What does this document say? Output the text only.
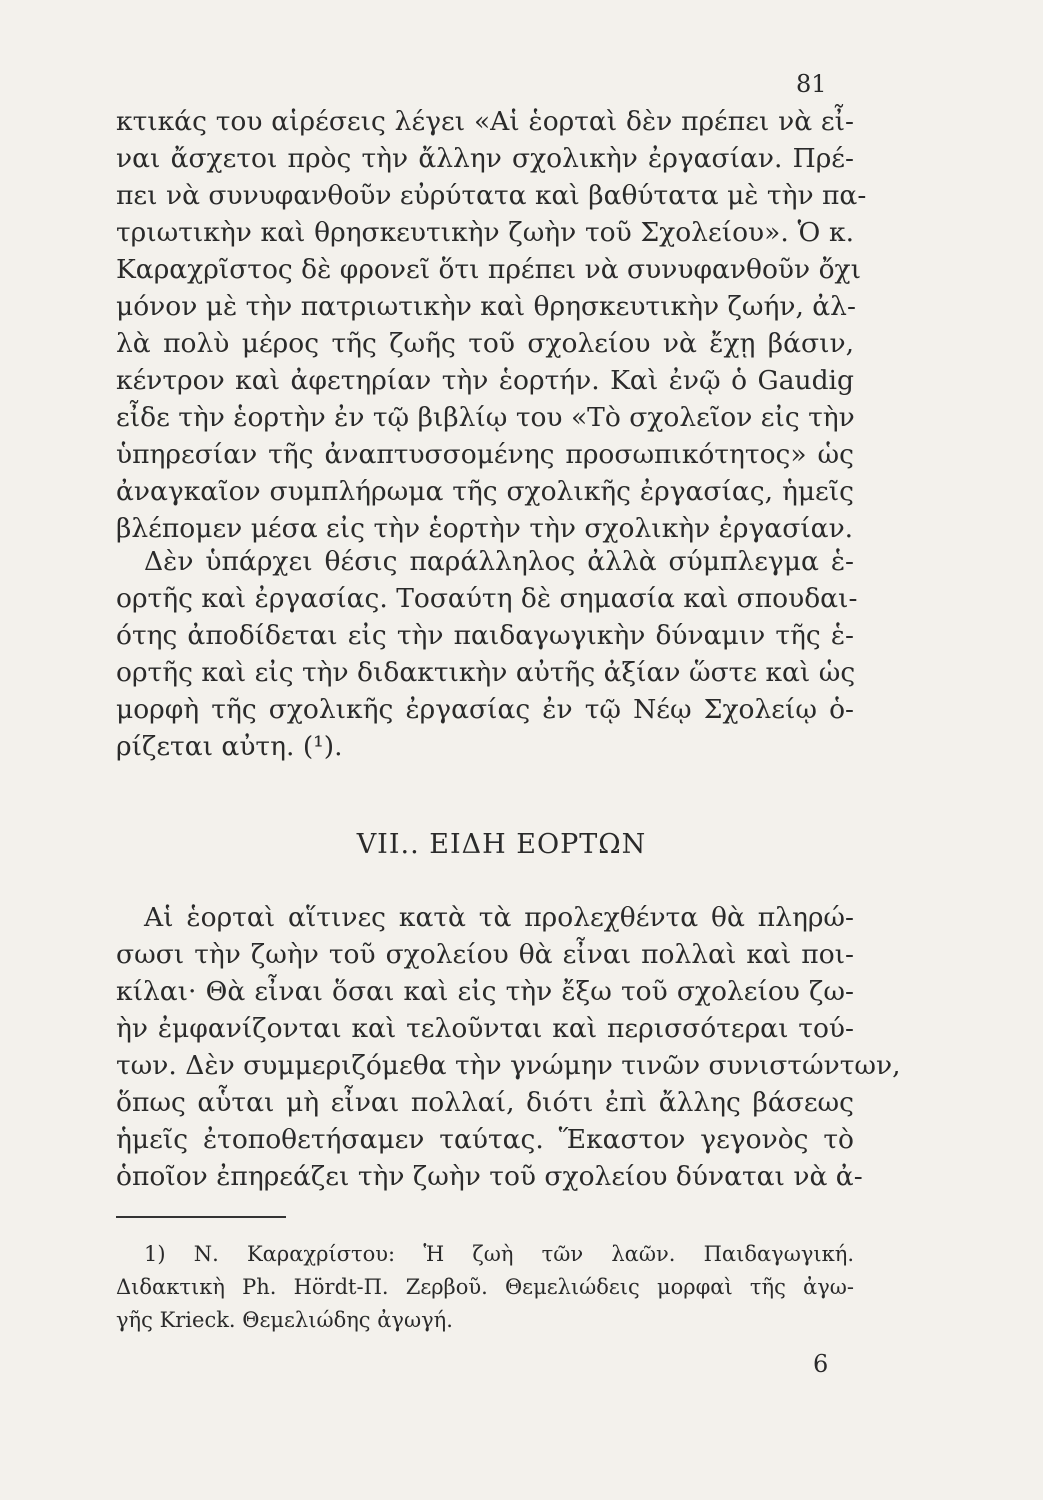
81
κτικάς του αἱρέσεις λέγει «Αἱ ἑορταὶ δὲν πρέπει νὰ εἶ-
ναι ἄσχετοι πρὸς τὴν ἄλλην σχολικὴν ἐργασίαν. Πρέ-
πει νὰ συνυφανθοῦν εὐρύτατα καὶ βαθύτατα μὲ τὴν πα-
τριωτικὴν καὶ θρησκευτικὴν ζωὴν τοῦ Σχολείου». Ὁ κ.
Καραχρῖστος δὲ φρονεῖ ὅτι πρέπει νὰ συνυφανθοῦν ὄχι
μόνον μὲ τὴν πατριωτικὴν καὶ θρησκευτικὴν ζωήν, ἀλ-
λὰ πολὺ μέρος τῆς ζωῆς τοῦ σχολείου νὰ ἔχῃ βάσιν,
κέντρον καὶ ἀφετηρίαν τὴν ἑορτήν. Καὶ ἐνῷ ὁ Gaudig
εἶδε τὴν ἑορτὴν ἐν τῷ βιβλίῳ του «Τὸ σχολεῖον εἰς τὴν
ὑπηρεσίαν τῆς ἀναπτυσσομένης προσωπικότητος» ὡς
ἀναγκαῖον συμπλήρωμα τῆς σχολικῆς ἐργασίας, ἡμεῖς
βλέπομεν μέσα εἰς τὴν ἑορτὴν τὴν σχολικὴν ἐργασίαν.
Δὲν ὑπάρχει θέσις παράλληλος ἀλλὰ σύμπλεγμα ἑ-
ορτῆς καὶ ἐργασίας. Τοσαύτη δὲ σημασία καὶ σπουδαι-
ότης ἀποδίδεται εἰς τὴν παιδαγωγικὴν δύναμιν τῆς ἑ-
ορτῆς καὶ εἰς τὴν διδακτικὴν αὐτῆς ἀξίαν ὥστε καὶ ὡς
μορφὴ τῆς σχολικῆς ἐργασίας ἐν τῷ Νέῳ Σχολείῳ ὁ-
ρίζεται αὐτη. (¹).
VII.. ΕΙΔΗ ΕΟΡΤΩΝ
Αἱ ἑορταὶ αἵτινες κατὰ τὰ προλεχθέντα θὰ πληρώ-
σωσι τὴν ζωὴν τοῦ σχολείου θὰ εἶναι πολλαὶ καὶ ποι-
κίλαι· Θὰ εἶναι ὅσαι καὶ εἰς τὴν ἔξω τοῦ σχολείου ζω-
ὴν ἐμφανίζονται καὶ τελοῦνται καὶ περισσότεραι τού-
των. Δὲν συμμεριζόμεθα τὴν γνώμην τινῶν συνιστώντων,
ὅπως αὗται μὴ εἶναι πολλαί, διότι ἐπὶ ἄλλης βάσεως
ἡμεῖς ἐτοποθετήσαμεν ταύτας. Ἕκαστον γεγονὸς τὸ
ὁποῖον ἐπηρεάζει τὴν ζωὴν τοῦ σχολείου δύναται νὰ ἀ-
1) Ν. Καραχρίστου: Ἡ ζωὴ τῶν λαῶν. Παιδαγωγική.
Διδακτικὴ Ph. Hördt-Π. Ζερβοῦ. Θεμελιώδεις μορφαὶ τῆς ἀγω-
γῆς Krieck. Θεμελιώδης ἀγωγή.
6
